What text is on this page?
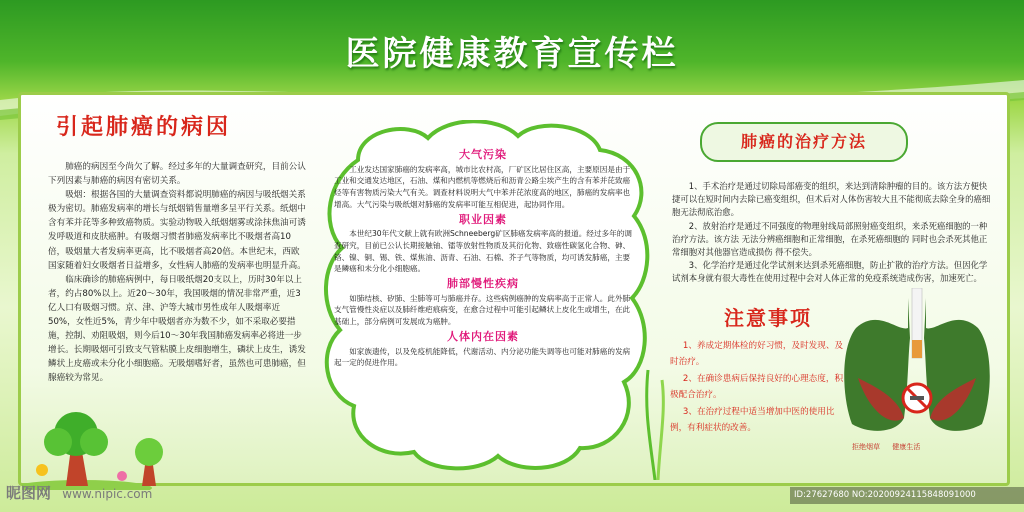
医院健康教育宣传栏
引起肺癌的病因

肺癌的病因至今尚欠了解。经过多年的大量调查研究，目前公认下列因素与肺癌的病因有密切关系。

吸烟：根据各国的大量调查资料都说明肺癌的病因与吸纸烟关系极为密切。肺癌发病率的增长与纸烟销售量增多呈平行关系。纸烟中含有苯并芘等多种致癌物质。实验动物吸入纸烟烟雾或涂抹焦油可诱发呼吸道和皮肤癌肿。有吸烟习惯者肺癌发病率比不吸烟者高10倍，吸烟量大者发病率更高，比不吸烟者高20倍。本世纪末，西欧国家随着妇女吸烟者日益增多，女性病人肺癌的发病率也明显升高。

临床确诊的肺癌病例中，每日吸纸烟20支以上，历时30年以上者，约占80%以上。近20～30年，我国吸烟的情况非常严重，近3亿人口有吸烟习惯。京、津、沪等大城市男性成年人吸烟率近50%，女性近5%，青少年中吸烟者亦为数不少，如不采取必要措施，控制、劝阻吸烟，则今后10～30年我国肺癌发病率必将进一步增长。长期吸烟可引致支气管粘膜上皮细胞增生，磷状上皮生，诱发鳞状上皮癌或未分化小细胞癌。无吸烟嗜好者，虽然也可患肺癌，但腺癌较为常见。

大气污染

工业发达国家肺癌的发病率高，城市比农村高，厂矿区比居住区高，主要原因是由于工业和交通发达地区，石油、煤和内燃机等燃烧后和沥青公路尘埃产生的含有苯并芘致癌烃等有害物质污染大气有关。调查材料说明大气中苯并芘浓度高的地区，肺癌的发病率也增高。大气污染与吸纸烟对肺癌的发病率可能互相促进，起协同作用。

职业因素

本世纪30年代文献上就有欧洲Schneeberg矿区肺癌发病率高的报道。经过多年的调查研究，目前已公认长期接触铀、镭等放射性物质及其衍化物、致癌性碳氢化合物、砷、铬、镍、铜、锡、铁、煤焦油、沥青、石油、石棉、芥子气等物质，均可诱发肺癌，主要是鳞癌和未分化小细胞癌。

肺部慢性疾病

如肺结核、矽肺、尘肺等可与肺癌并存。这些病例癌肿的发病率高于正常人。此外肺支气管慢性炎症以及肺纤维疤痕病变，在愈合过程中可能引起鳞状上皮化生或增生，在此基础上，部分病例可发展成为癌肿。

人体内在因素

如家族遗传，以及免疫机能降低，代谢活动、内分泌功能失调等也可能对肺癌的发病起一定的促进作用。

肺癌的治疗方法

1、手术治疗是通过切除局部癌变的组织，来达到清除肿瘤的目的。该方法方便快捷可以在短时间内去除已癌变组织，但术后对人体伤害较大且不能彻底去除全身的癌细胞无法彻底治愈。

2、放射治疗是通过不同强度的物理射线局部照射癌变组织，来杀死癌细胞的一种治疗方法。该方法 无法分辨癌细胞和正常细胞，在杀死癌细胞的 同时也会杀死其他正常细胞对其他器官造成损伤 得不偿失。

3、化学治疗是通过化学试剂来达到杀死癌细胞，防止扩散的治疗方法。但因化学试剂本身就有很大毒性在使用过程中会对人体正常的免疫系统造成伤害，加速死亡。

注意事项

1、养成定期体检的好习惯，及时发现、及时治疗。

2、在确诊患病后保持良好的心理态度，积极配合治疗。

3、在治疗过程中适当增加中医的使用比例，有利症状的改善。

拒绝烟草 健康生活
昵图网 www.nipic.com	ID:27627680 NO:20200924115848091000
